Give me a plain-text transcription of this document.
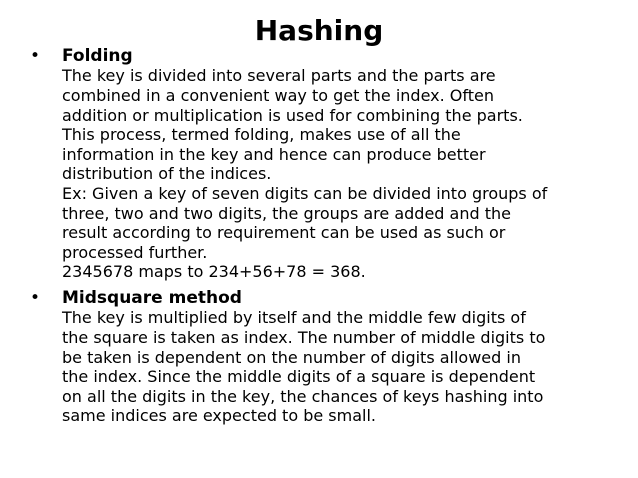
Hashing
•	Folding

The key is divided into several parts and the parts are
combined in a convenient way to get the index. Often
addition or multiplication is used for combining the parts.
This process, termed folding, makes use of all the
information in the key and hence can produce better
distribution of the indices.
Ex: Given a key of seven digits can be divided into groups of
three, two and two digits, the groups are added and the
result according to requirement can be used as such or
processed further.
2345678 maps to 234+56+78 = 368.

•	Midsquare method

The key is multiplied by itself and the middle few digits of
the square is taken as index. The number of middle digits to
be taken is dependent on the number of digits allowed in
the index. Since the middle digits of a square is dependent
on all the digits in the key, the chances of keys hashing into
same indices are expected to be small.
